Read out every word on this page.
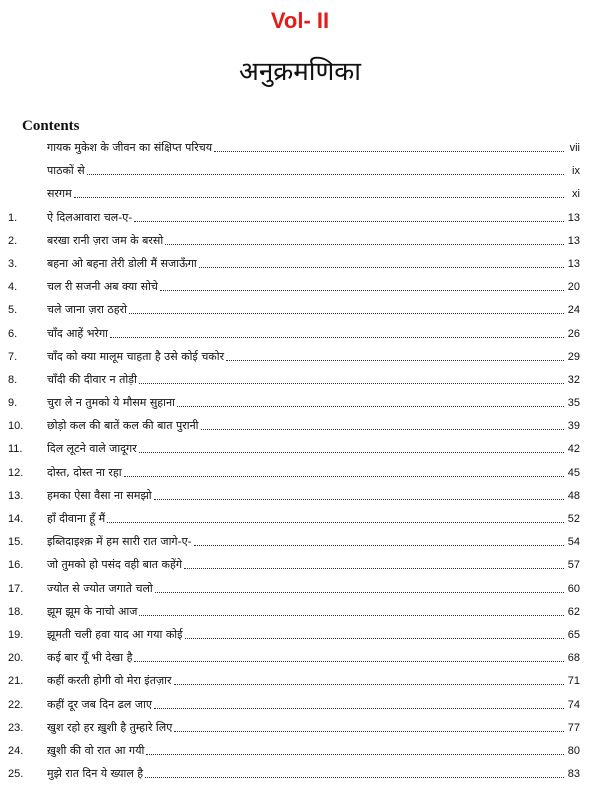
Vol- II
अनुक्रमणिका
Contents
गायक मुकेश के जीवन का संक्षिप्त परिचय	vii
पाठकों से	ix
सरगम	xi
1.	ऐ दिलआवारा चल-ए-	13
2.	बरखा रानी ज़रा जम के बरसो	13
3.	बहना ओ बहना तेरी डोली मैं सजाऊँगा	13
4.	चल री सजनी अब क्या सोचे	20
5.	चले जाना ज़रा ठहरो	24
6.	चाँद आहें भरेगा	26
7.	चाँद को क्या मालूम चाहता है उसे कोई चकोर	29
8.	चाँदी की दीवार न तोड़ी	32
9.	चुरा ले न तुमको ये मौसम सुहाना	35
10.	छोड़ो कल की बातें कल की बात पुरानी	39
11.	दिल लूटने वाले जादूगर	42
12.	दोस्त, दोस्त ना रहा	45
13.	हमका ऐसा वैसा ना समझो	48
14.	हाँ दीवाना हूँ मैं	52
15.	इब्तिदाइश्क़ में हम सारी रात जागे-ए-	54
16.	जो तुमको हो पसंद वही बात कहेंगे	57
17.	ज्योत से ज्योत जगाते चलो	60
18.	झूम झूम के नाचो आज	62
19.	झूमती चली हवा याद आ गया कोई	65
20.	कई बार यूँ भी देखा है	68
21.	कहीं करती होगी वो मेरा इंतज़ार	71
22.	कहीं दूर जब दिन ढल जाए	74
23.	खुश रहो हर ख़ुशी है तुम्हारे लिए	77
24.	ख़ुशी की वो रात आ गयी	80
25.	मुझे रात दिन ये ख्याल है	83
